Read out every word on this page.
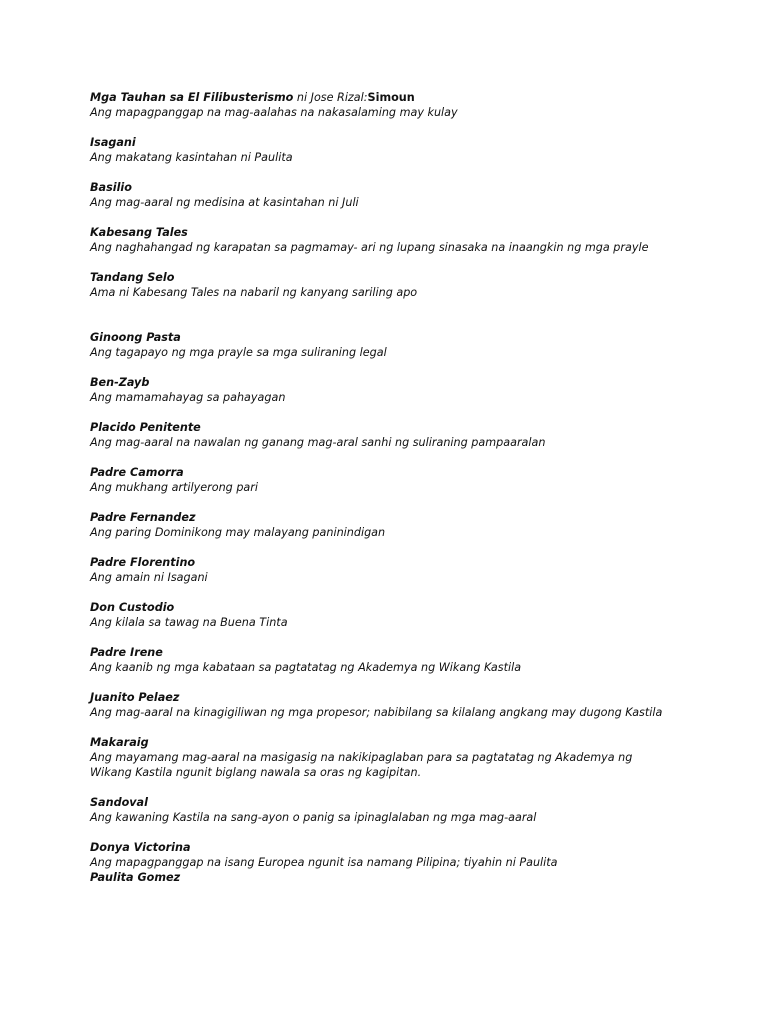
Mga Tauhan sa El Filibusterismo ni Jose Rizal:Simoun
Ang mapagpanggap na mag-aalahas na nakasalaming may kulay
Isagani
Ang makatang kasintahan ni Paulita
Basilio
Ang mag-aaral ng medisina at kasintahan ni Juli
Kabesang Tales
Ang naghahangad ng karapatan sa pagmamay- ari ng lupang sinasaka na inaangkin ng mga prayle
Tandang Selo
Ama ni Kabesang Tales na nabaril ng kanyang sariling apo
Ginoong Pasta
Ang tagapayo ng mga prayle sa mga suliraning legal
Ben-Zayb
Ang mamamahayag sa pahayagan
Placido Penitente
Ang mag-aaral na nawalan ng ganang mag-aral sanhi ng suliraning pampaaralan
Padre Camorra
Ang mukhang artilyerong pari
Padre Fernandez
Ang paring Dominikong may malayang paninindigan
Padre Florentino
Ang amain ni Isagani
Don Custodio
Ang kilala sa tawag na Buena Tinta
Padre Irene
Ang kaanib ng mga kabataan sa pagtatatag ng Akademya ng Wikang Kastila
Juanito Pelaez
Ang mag-aaral na kinagigiliwan ng mga propesor; nabibilang sa kilalang angkang may dugong Kastila
Makaraig
Ang mayamang mag-aaral na masigasig na nakikipaglaban para sa pagtatatag ng Akademya ng Wikang Kastila ngunit biglang nawala sa oras ng kagipitan.
Sandoval
Ang kawaning Kastila na sang-ayon o panig sa ipinaglalaban ng mga mag-aaral
Donya Victorina
Ang mapagpanggap na isang Europea ngunit isa namang Pilipina; tiyahin ni Paulita
Paulita Gomez
